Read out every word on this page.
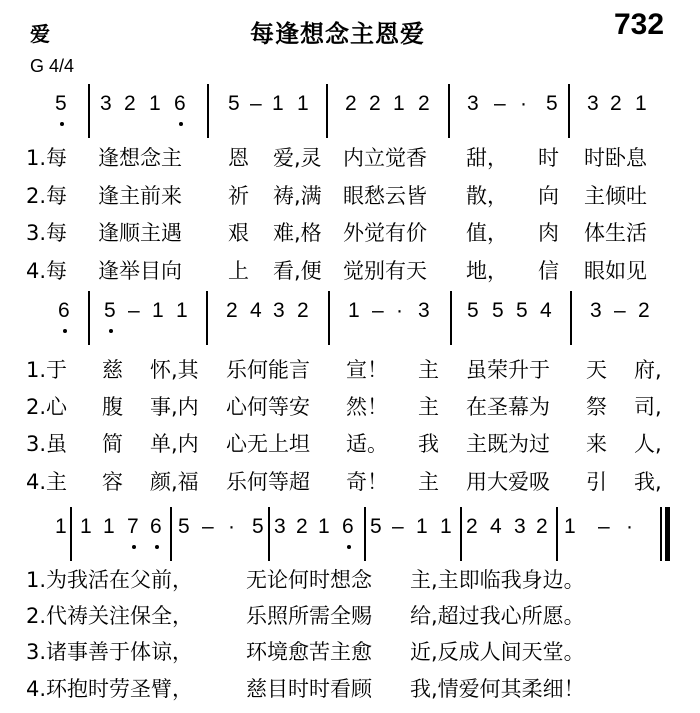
爱	每逢想念主恩爱	732
G 4/4
5 3 2 1 6 5 – 1 1 2 2 1 2 3 – · 5 3 2 1
1.每 逢想念主 恩 爱,灵 内立觉香 甜， 时 时卧息
2.每 逢主前来 祈 祷,满 眼愁云皆 散， 向 主倾吐
3.每 逢顺主遇 艰 难,格 外觉有价 值， 肉 体生活
4.每 逢举目向 上 看,便 觉别有天 地， 信 眼如见
6 5 – 1 1 2 4 3 2 1 – · 3 5 5 5 4 3 – 2
1.于 慈 怀,其 乐何能言 宣！ 主 虽荣升于 天 府,
2.心 腹 事,内 心何等安 然！ 主 在圣幕为 祭 司,
3.虽 简 单,内 心无上坦 适。 我 主既为过 来 人,
4.主 容 颜,福 乐何等超 奇！ 主 用大爱吸 引 我,
1 1 1 7 6 5 – · 5 3 2 1 6 5 – 1 1 2 4 3 2 1 – ·
1.为我活在父前，	无论何时想念 主,主即临我身边。
2.代祷关注保全，	乐照所需全赐 给,超过我心所愿。
3.诸事善于体谅，	环境愈苦主愈 近,反成人间天堂。
4.环抱时劳圣臂，	慈目时时看顾 我,情爱何其柔细！
